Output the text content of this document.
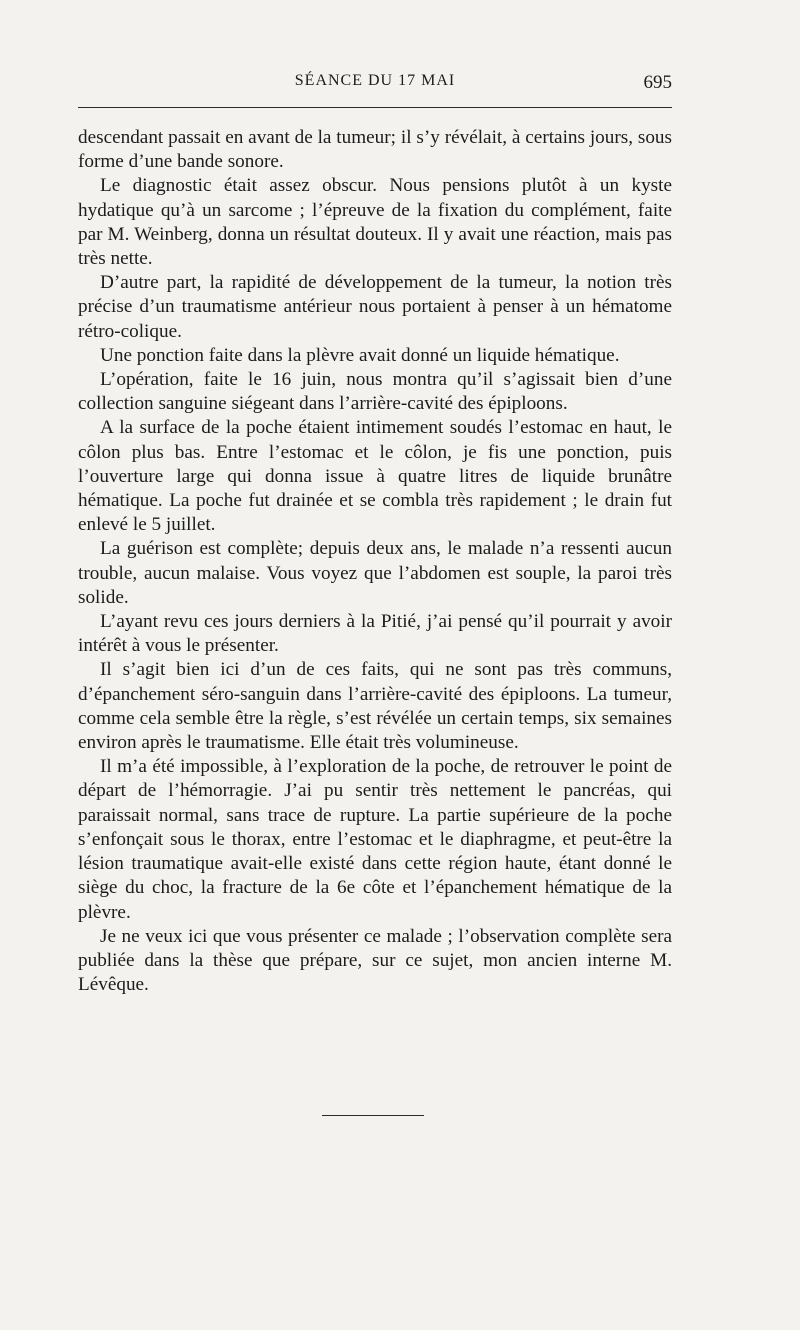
SÉANCE DU 17 MAI	695

descendant passait en avant de la tumeur; il s’y révélait, à certains jours, sous forme d’une bande sonore.

Le diagnostic était assez obscur. Nous pensions plutôt à un kyste hydatique qu’à un sarcome ; l’épreuve de la fixation du complément, faite par M. Weinberg, donna un résultat douteux. Il y avait une réaction, mais pas très nette.

D’autre part, la rapidité de développement de la tumeur, la notion très précise d’un traumatisme antérieur nous portaient à penser à un hématome rétro-colique.

Une ponction faite dans la plèvre avait donné un liquide hématique.

L’opération, faite le 16 juin, nous montra qu’il s’agissait bien d’une collection sanguine siégeant dans l’arrière-cavité des épiploons.

A la surface de la poche étaient intimement soudés l’estomac en haut, le côlon plus bas. Entre l’estomac et le côlon, je fis une ponction, puis l’ouverture large qui donna issue à quatre litres de liquide brunâtre hématique. La poche fut drainée et se combla très rapidement ; le drain fut enlevé le 5 juillet.

La guérison est complète; depuis deux ans, le malade n’a ressenti aucun trouble, aucun malaise. Vous voyez que l’abdomen est souple, la paroi très solide.

L’ayant revu ces jours derniers à la Pitié, j’ai pensé qu’il pourrait y avoir intérêt à vous le présenter.

Il s’agit bien ici d’un de ces faits, qui ne sont pas très communs, d’épanchement séro-sanguin dans l’arrière-cavité des épiploons. La tumeur, comme cela semble être la règle, s’est révélée un certain temps, six semaines environ après le traumatisme. Elle était très volumineuse.

Il m’a été impossible, à l’exploration de la poche, de retrouver le point de départ de l’hémorragie. J’ai pu sentir très nettement le pancréas, qui paraissait normal, sans trace de rupture. La partie supérieure de la poche s’enfonçait sous le thorax, entre l’estomac et le diaphragme, et peut-être la lésion traumatique avait-elle existé dans cette région haute, étant donné le siège du choc, la fracture de la 6e côte et l’épanchement hématique de la plèvre.

Je ne veux ici que vous présenter ce malade ; l’observation complète sera publiée dans la thèse que prépare, sur ce sujet, mon ancien interne M. Lévêque.
